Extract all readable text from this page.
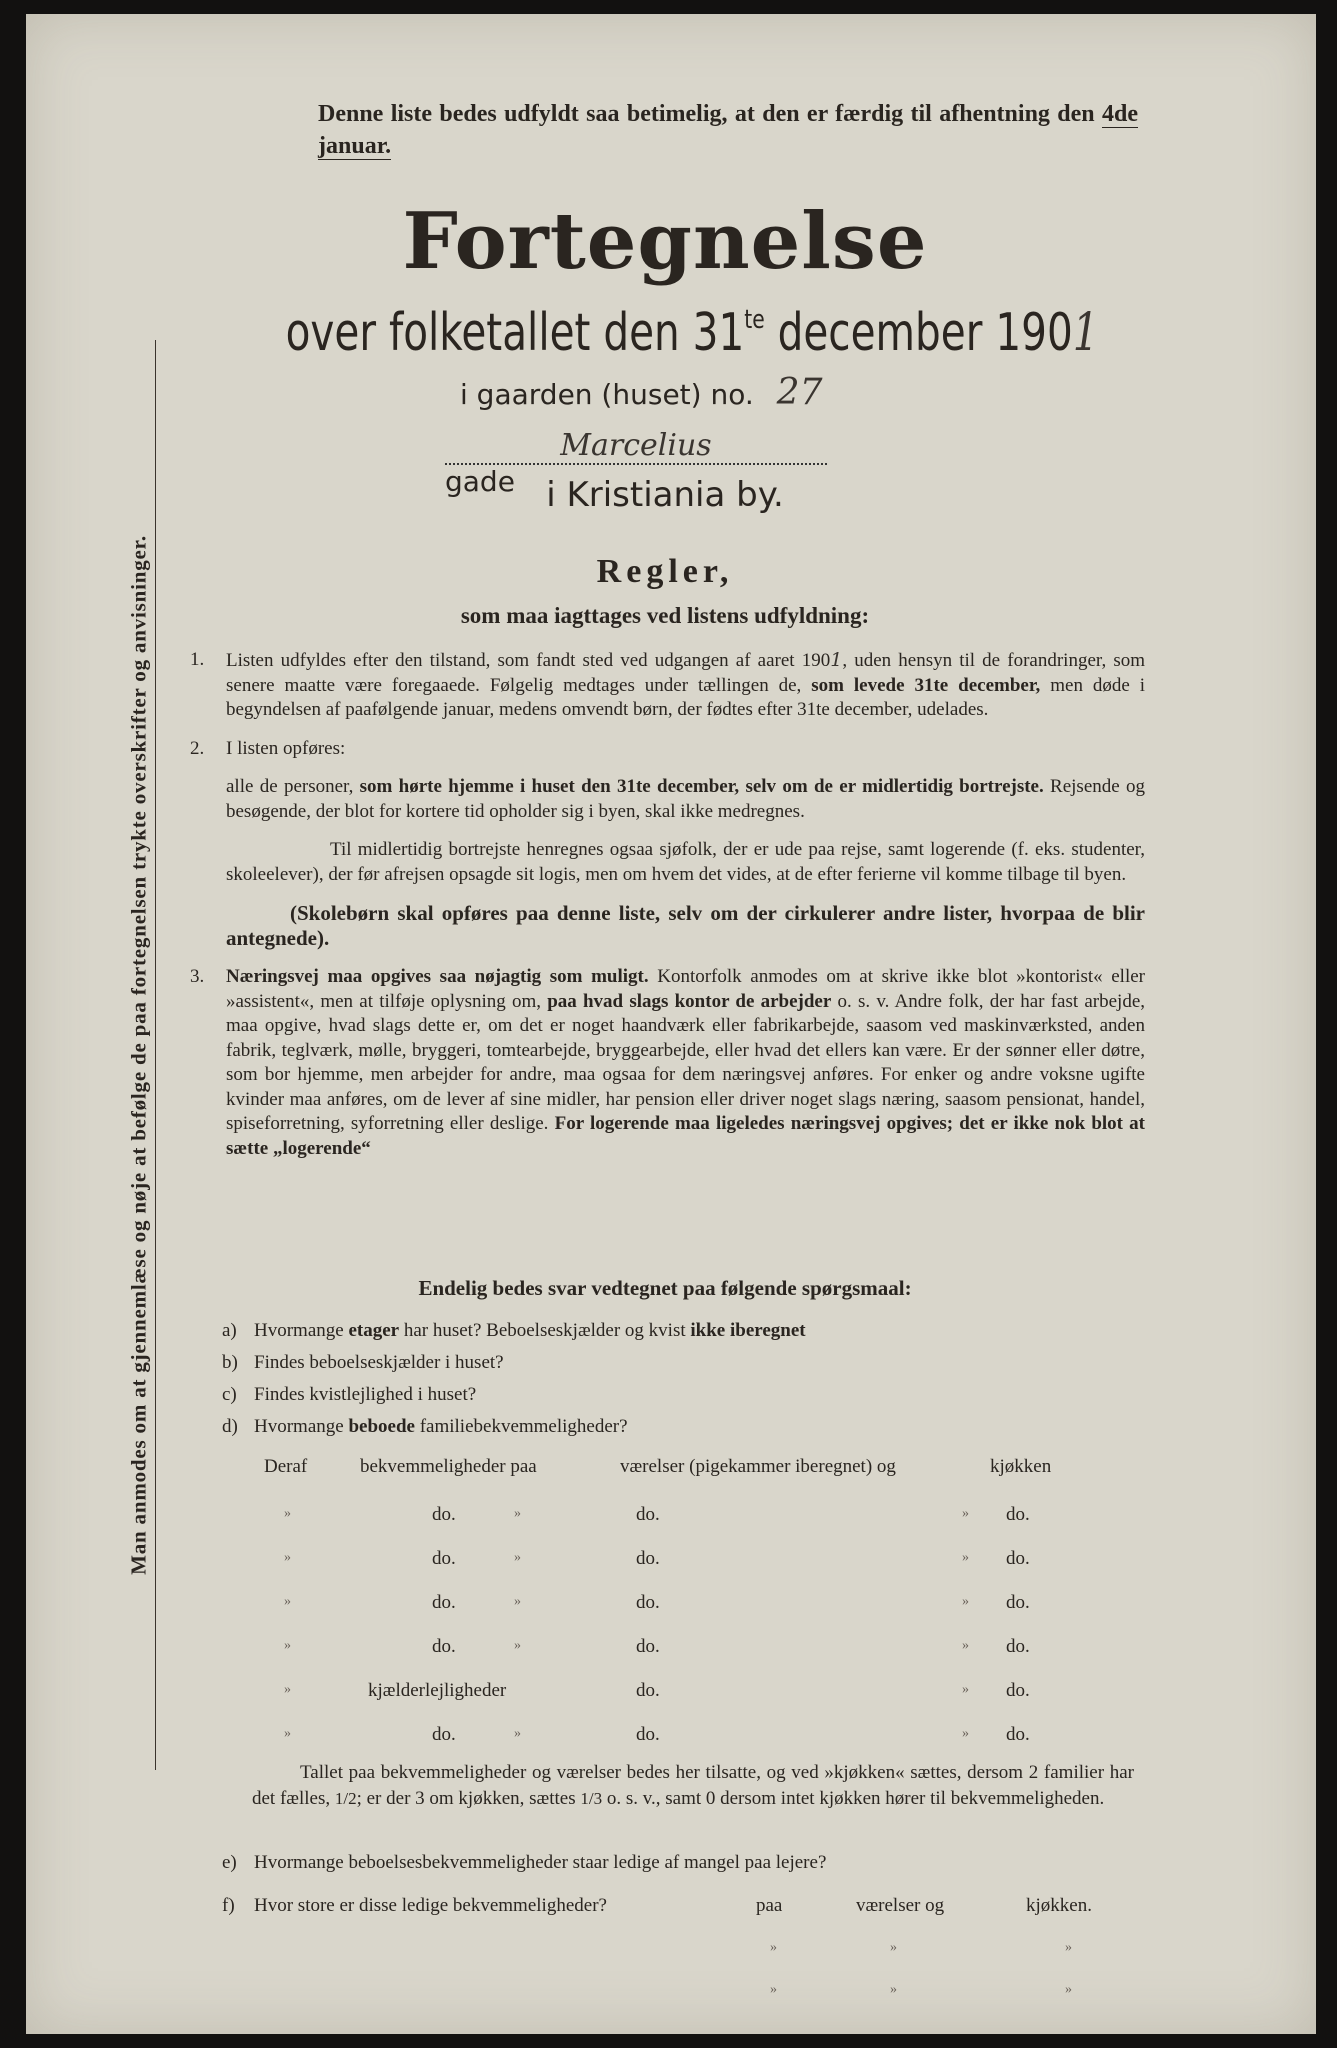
Man anmodes om at gjennemlæse og nøje at befølge de paa fortegnelsen trykte overskrifter og anvisninger.
Denne liste bedes udfyldt saa betimelig, at den er færdig til afhentning den 4de januar.
Fortegnelse
over folketallet den $31^{te}$ december 1901
i gaarden (huset) no. 27
Marcelius gade i Kristiania by.
Regler,
som maa iagttages ved listens udfyldning:
1. Listen udfyldes efter den tilstand, som fandt sted ved udgangen af aaret 1901, uden hensyn til de forandringer, som senere maatte være foregaaede. Følgelig medtages under tællingen de, som levede 31te december, men døde i begyndelsen af paafølgende januar, medens omvendt børn, der fødtes efter 31te december, udelades.

2. I listen opføres:

alle de personer, som hørte hjemme i huset den 31te december, selv om de er midlertidig bortrejste. Rejsende og besøgende, der blot for kortere tid opholder sig i byen, skal ikke medregnes.

Til midlertidig bortrejste henregnes ogsaa sjøfolk, der er ude paa rejse, samt logerende (f. eks. studenter, skoleelever), der før afrejsen opsagde sit logis, men om hvem det vides, at de efter ferierne vil komme tilbage til byen.

(Skolebørn skal opføres paa denne liste, selv om der cirkulerer andre lister, hvorpaa de blir antegnede).
3. Næringsvej maa opgives saa nøjagtig som muligt. Kontorfolk anmodes om at skrive ikke blot »kontorist« eller »assistent«, men at tilføje oplysning om, paa hvad slags kontor de arbejder o. s. v. Andre folk, der har fast arbejde, maa opgive, hvad slags dette er, om det er noget haandværk eller fabrikarbejde, saasom ved maskinværksted, anden fabrik, teglværk, mølle, bryggeri, tomtearbejde, bryggearbejde, eller hvad det ellers kan være. Er der sønner eller døtre, som bor hjemme, men arbejder for andre, maa ogsaa for dem næringsvej anføres. For enker og andre voksne ugifte kvinder maa anføres, om de lever af sine midler, har pension eller driver noget slags næring, saasom pensionat, handel, spiseforretning, syforretning eller deslige. For logerende maa ligeledes næringsvej opgives; det er ikke nok blot at sætte „logerende“

Endelig bedes svar vedtegnet paa følgende spørgsmaal:
a) Hvormange etager har huset? Beboelseskjælder og kvist ikke iberegnet
b) Findes beboelseskjælder i huset?
c) Findes kvistlejlighed i huset?
d) Hvormange beboede familiebekvemmeligheder?
Deraf	bekvemmeligheder paa	værelser (pigekammer iberegnet) og	kjøkken
»	do.	»	do.	» do.
»	do.	»	do.	» do.
»	do.	»	do.	» do.
»	do.	»	do.	» do.
»	kjælderlejligheder	do.	» do.
»	do.	»	do.	» do.
Tallet paa bekvemmeligheder og værelser bedes her tilsatte, og ved »kjøkken« sættes, dersom 2 familier har det fælles, 1/2; er der 3 om kjøkken, sættes 1/3 o. s. v., samt 0 dersom intet kjøkken hører til bekvemmeligheden.
e) Hvormange beboelsesbekvemmeligheder staar ledige af mangel paa lejere?
f) Hvor store er disse ledige bekvemmeligheder?	paa	værelser og	kjøkken.
»	»	»
»	»	»
